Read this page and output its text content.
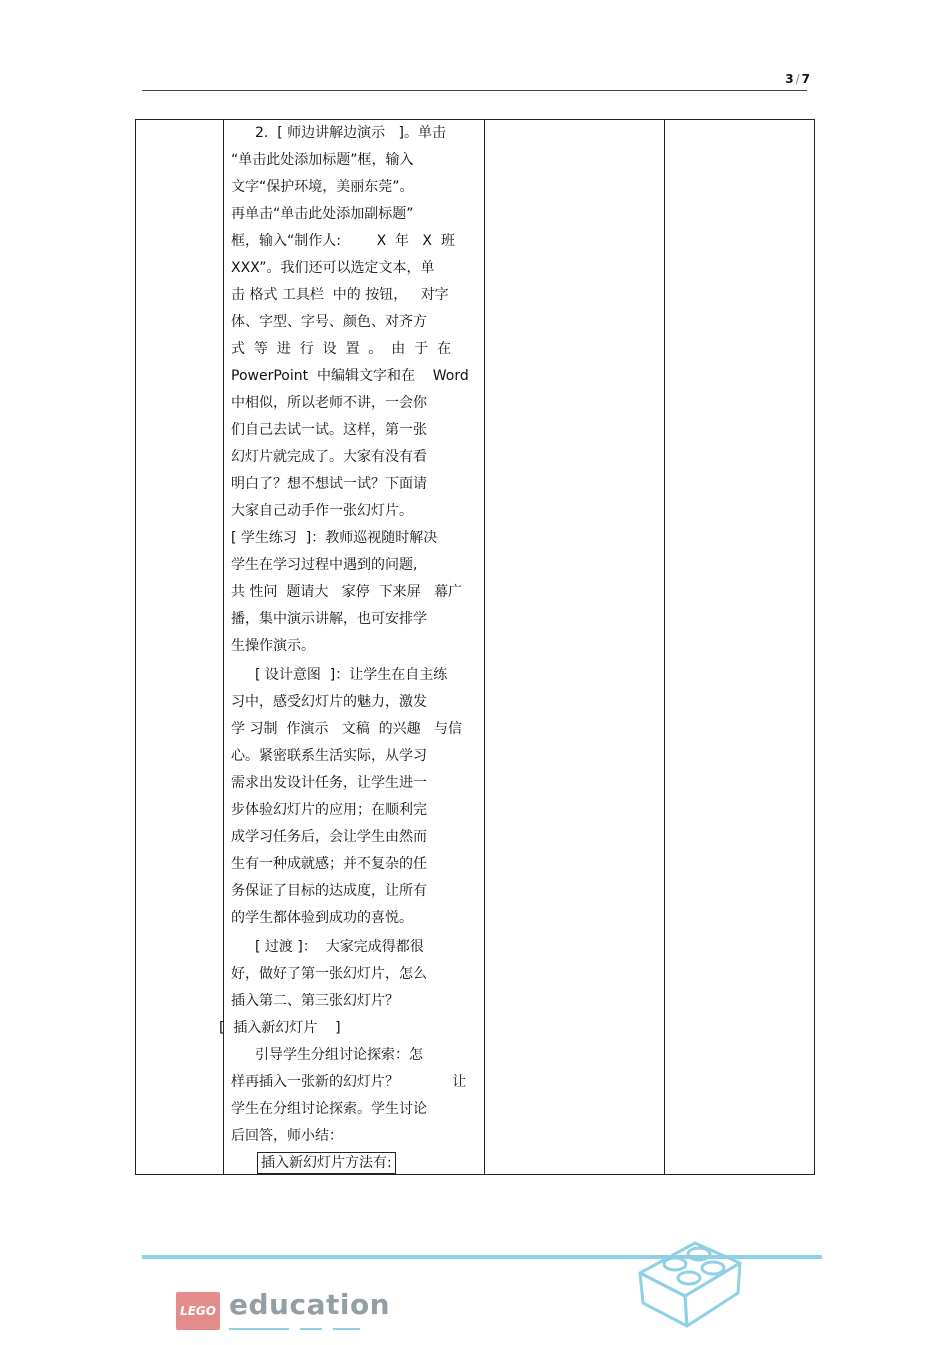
3 / 7
2.  [ 师边讲解边演示   ]。单击
“单击此处添加标题”框，输入
文字“保护环境，美丽东莞”。
再单击“单击此处添加副标题”
框，输入“制作人:        X  年   X  班
XXX”。我们还可以选定文本，单
击 格式 工具栏  中的 按钮，   对字
体、字型、字号、颜色、对齐方
式  等  进  行  设  置  。  由  于  在
PowerPoint  中编辑文字和在    Word
中相似，所以老师不讲，一会你
们自己去试一试。这样，第一张
幻灯片就完成了。大家有没有看
明白了？想不想试一试？下面请
大家自己动手作一张幻灯片。
[ 学生练习  ]：教师巡视随时解决
学生在学习过程中遇到的问题,
共 性问  题请大   家停  下来屏   幕广
播，集中演示讲解，也可安排学
生操作演示。
[ 设计意图  ]：让学生在自主练
习中，感受幻灯片的魅力，激发
学 习制  作演示   文稿  的兴趣   与信
心。紧密联系生活实际，从学习
需求出发设计任务，让学生进一
步体验幻灯片的应用；在顺利完
成学习任务后，会让学生由然而
生有一种成就感；并不复杂的任
务保证了目标的达成度，让所有
的学生都体验到成功的喜悦。
[ 过渡 ]：  大家完成得都很
好，做好了第一张幻灯片，怎么
插入第二、第三张幻灯片？
[  插入新幻灯片    ]
引导学生分组讨论探索：怎
样再插入一张新的幻灯片？            让
学生在分组讨论探索。学生讨论
后回答，师小结：
插入新幻灯片方法有:
LEGO education
